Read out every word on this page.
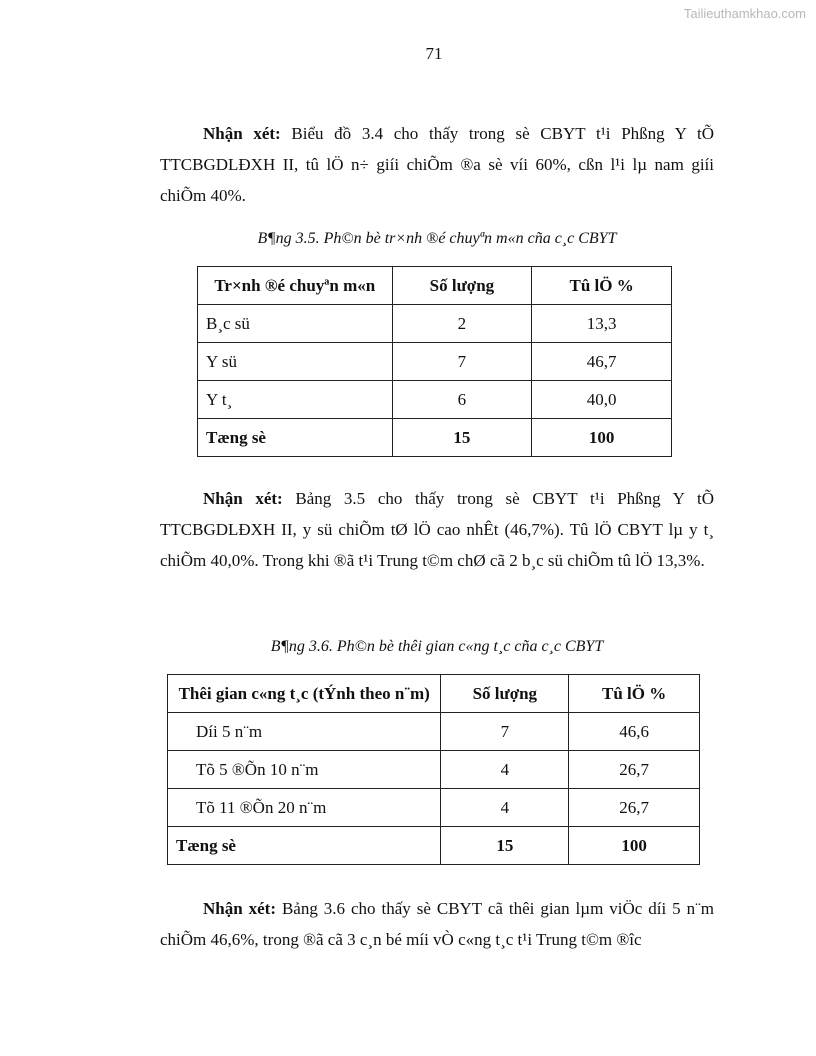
Tailieuthamkhao.com
71

Nhận xét: Biểu đồ 3.4 cho thấy trong sè CBYT t¹i Phßng Y tÕ TTCBGDLĐXH II, tû lÖ n÷ giíi chiÕm ®a sè víi 60%, cßn l¹i lµ nam giíi chiÕm 40%.

B¶ng 3.5. Ph©n bè tr×nh ®é chuyªn m«n cña c¸c CBYT
Tr×nh ®é chuyªn m«n	Số lượng	Tû lÖ %
B¸c sü	2	13,3
Y sü	7	46,7
Y t¸	6	40,0
Tæng sè	15	100

Nhận xét: Bảng 3.5 cho thấy trong sè CBYT t¹i Phßng Y tÕ TTCBGDLĐXH II, y sü chiÕm tØ lÖ cao nhÊt (46,7%). Tû lÖ CBYT lµ y t¸ chiÕm 40,0%. Trong khi ®ã t¹i Trung t©m chØ cã 2 b¸c sü chiÕm tû lÖ 13,3%.

B¶ng 3.6. Ph©n bè thêi gian c«ng t¸c cña c¸c CBYT
Thêi gian c«ng t¸c (tÝnh theo n¨m)	Số lượng	Tû lÖ %
Díi 5 n¨m	7	46,6
Tõ 5 ®Õn 10 n¨m	4	26,7
Tõ 11 ®Õn 20 n¨m	4	26,7
Tæng sè	15	100

Nhận xét: Bảng 3.6 cho thấy sè CBYT cã thêi gian lµm viÖc díi 5 n¨m chiÕm 46,6%, trong ®ã cã 3 c¸n bé míi vÒ c«ng t¸c t¹i Trung t©m ®îc
